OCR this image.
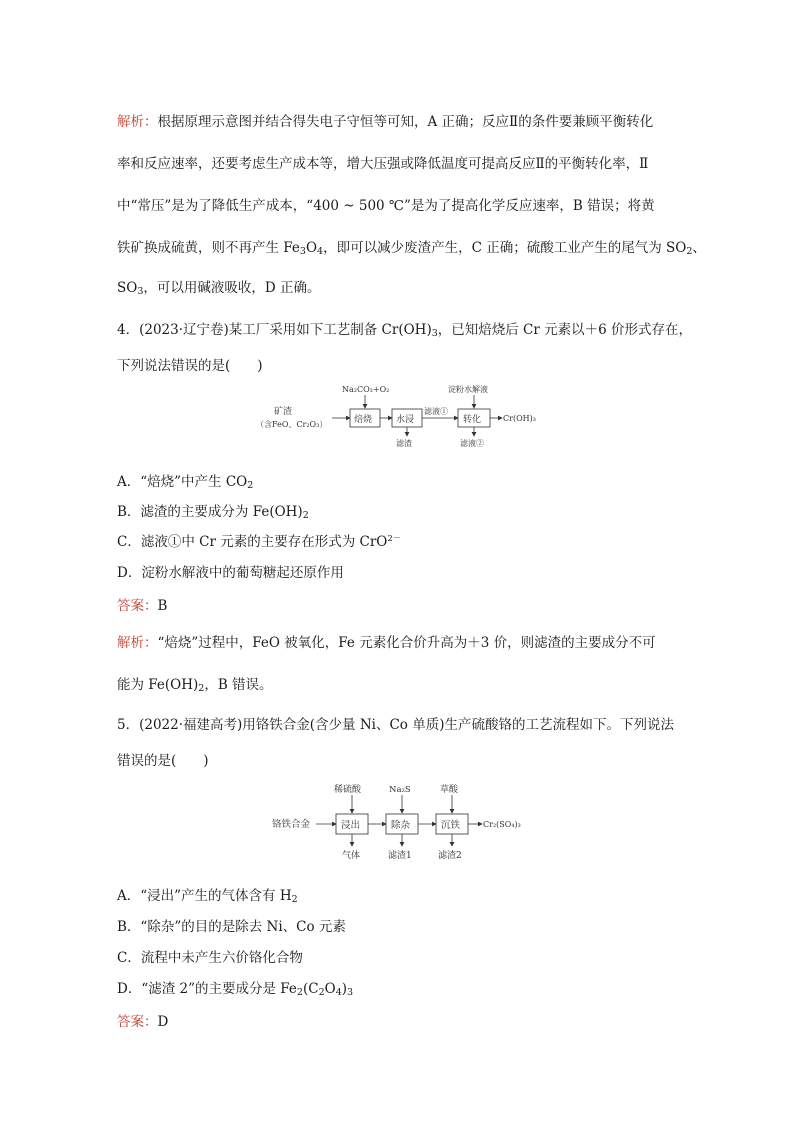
解析：根据原理示意图并结合得失电子守恒等可知，A 正确；反应Ⅱ的条件要兼顾平衡转化
率和反应速率，还要考虑生产成本等，增大压强或降低温度可提高反应Ⅱ的平衡转化率，Ⅱ
中“常压”是为了降低生产成本，“400 ~ 500 ℃”是为了提高化学反应速率，B 错误；将黄
铁矿换成硫黄，则不再产生 $Fe_3O_4$，即可以减少废渣产生，C 正确；硫酸工业产生的尾气为 $SO_2$、
$SO_3$，可以用碱液吸收，D 正确。
4．(2023·辽宁卷)某工厂采用如下工艺制备 $Cr(OH)_3$，已知焙烧后 Cr 元素以＋6 价形式存在，
下列说法错误的是(　　)
矿渣
（含FeO、Cr₂O₃）
Na₂CO₃+O₂
焙烧	水浸
滤渣
滤液①
淀粉水解液
转化
滤液②
Cr(OH)₃
A．“焙烧”中产生 $CO_2$
B．滤渣的主要成分为 $Fe(OH)_2$
C．滤液①中 Cr 元素的主要存在形式为 CrO$^{2-}$
D．淀粉水解液中的葡萄糖起还原作用
答案：B
解析：“焙烧”过程中，FeO 被氧化，Fe 元素化合价升高为＋3 价，则滤渣的主要成分不可
能为 $Fe(OH)_2$，B 错误。
5．(2022·福建高考)用铬铁合金(含少量 Ni、Co 单质)生产硫酸铬的工艺流程如下。下列说法
错误的是(　　)
铬铁合金
稀硫酸
浸出
气体
Na₂S
除杂
滤渣1
草酸
沉铁
滤渣2
Cr₂(SO₄)₃
A．“浸出”产生的气体含有 $H_2$
B．“除杂”的目的是除去 Ni、Co 元素
C．流程中未产生六价铬化合物
D．“滤渣 2”的主要成分是 $Fe_2(C_2O_4)_3$
答案：D
